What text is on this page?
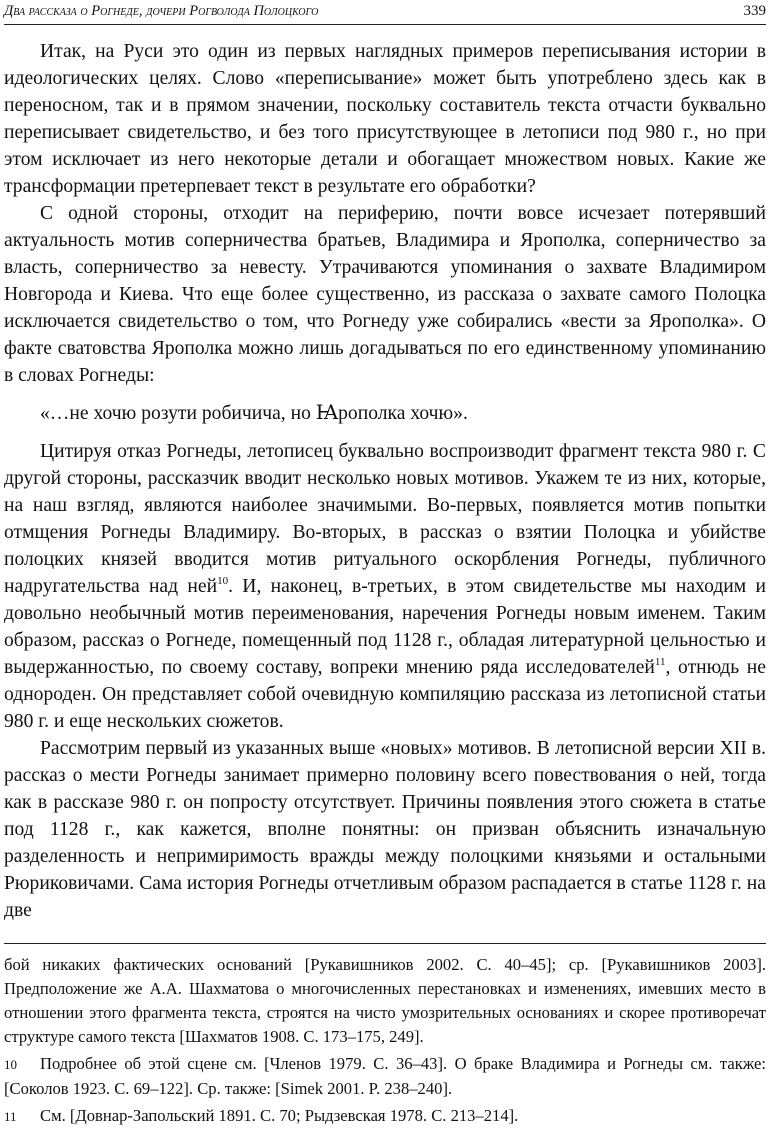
Два рассказа о Рогнеде, дочери Рогволода Полоцкого	339

Итак, на Руси это один из первых наглядных примеров переписывания истории в идеологических целях. Слово «переписывание» может быть употреблено здесь как в переносном, так и в прямом значении, поскольку составитель текста отчасти буквально переписывает свидетельство, и без того присутствующее в летописи под 980 г., но при этом исключает из него некоторые детали и обогащает множеством новых. Какие же трансформации претерпевает текст в результате его обработки?

С одной стороны, отходит на периферию, почти вовсе исчезает потерявший актуальность мотив соперничества братьев, Владимира и Ярополка, соперничество за власть, соперничество за невесту. Утрачиваются упоминания о захвате Владимиром Новгорода и Киева. Что еще более существенно, из рассказа о захвате самого Полоцка исключается свидетельство о том, что Рогнеду уже собирались «вести за Ярополка». О факте сватовства Ярополка можно лишь догадываться по его единственному упоминанию в словах Рогнеды:

«…не хочю розути робичича, но Ꙗрополка хочю».

Цитируя отказ Рогнеды, летописец буквально воспроизводит фрагмент текста 980 г. С другой стороны, рассказчик вводит несколько новых мотивов. Укажем те из них, которые, на наш взгляд, являются наиболее значимыми. Во-первых, появляется мотив попытки отмщения Рогнеды Владимиру. Во-вторых, в рассказ о взятии Полоцка и убийстве полоцких князей вводится мотив ритуального оскорбления Рогнеды, публичного надругательства над ней$^{10}$. И, наконец, в-третьих, в этом свидетельстве мы находим и довольно необычный мотив переименования, наречения Рогнеды новым именем. Таким образом, рассказ о Рогнеде, помещенный под 1128 г., обладая литературной цельностью и выдержанностью, по своему составу, вопреки мнению ряда исследователей$^{11}$, отнюдь не однороден. Он представляет собой очевидную компиляцию рассказа из летописной статьи 980 г. и еще нескольких сюжетов.

Рассмотрим первый из указанных выше «новых» мотивов. В летописной версии XII в. рассказ о мести Рогнеды занимает примерно половину всего повествования о ней, тогда как в рассказе 980 г. он попросту отсутствует. Причины появления этого сюжета в статье под 1128 г., как кажется, вполне понятны: он призван объяснить изначальную разделенность и непримиримость вражды между полоцкими князьями и остальными Рюриковичами. Сама история Рогнеды отчетливым образом распадается в статье 1128 г. на две

бой никаких фактических оснований [Рукавишников 2002. С. 40–45]; ср. [Рукавишников 2003]. Предположение же А.А. Шахматова о многочисленных перестановках и изменениях, имевших место в отношении этого фрагмента текста, строятся на чисто умозрительных основаниях и скорее противоречат структуре самого текста [Шахматов 1908. С. 173–175, 249].

10 Подробнее об этой сцене см. [Членов 1979. С. 36–43]. О браке Владимира и Рогнеды см. также: [Соколов 1923. С. 69–122]. Ср. также: [Simek 2001. P. 238–240].

11 См. [Довнар-Запольский 1891. С. 70; Рыдзевская 1978. С. 213–214].
